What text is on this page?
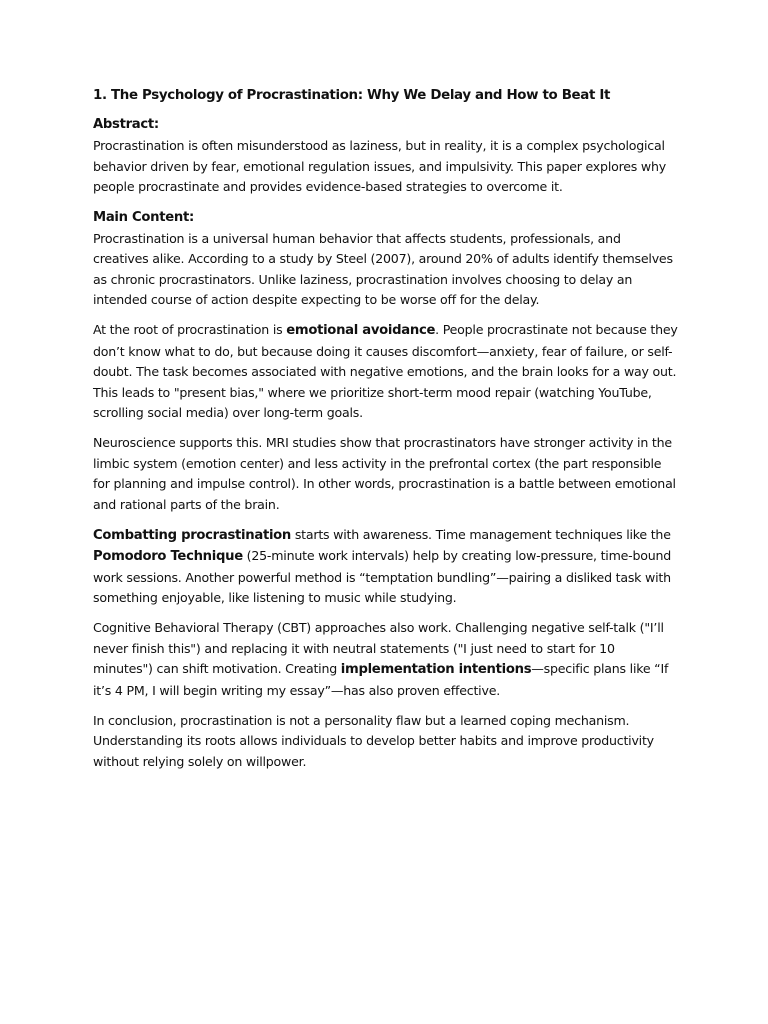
1. The Psychology of Procrastination: Why We Delay and How to Beat It
Abstract:
Procrastination is often misunderstood as laziness, but in reality, it is a complex psychological behavior driven by fear, emotional regulation issues, and impulsivity. This paper explores why people procrastinate and provides evidence-based strategies to overcome it.
Main Content:
Procrastination is a universal human behavior that affects students, professionals, and creatives alike. According to a study by Steel (2007), around 20% of adults identify themselves as chronic procrastinators. Unlike laziness, procrastination involves choosing to delay an intended course of action despite expecting to be worse off for the delay.
At the root of procrastination is emotional avoidance. People procrastinate not because they don’t know what to do, but because doing it causes discomfort—anxiety, fear of failure, or self-doubt. The task becomes associated with negative emotions, and the brain looks for a way out. This leads to "present bias," where we prioritize short-term mood repair (watching YouTube, scrolling social media) over long-term goals.
Neuroscience supports this. MRI studies show that procrastinators have stronger activity in the limbic system (emotion center) and less activity in the prefrontal cortex (the part responsible for planning and impulse control). In other words, procrastination is a battle between emotional and rational parts of the brain.
Combatting procrastination starts with awareness. Time management techniques like the Pomodoro Technique (25-minute work intervals) help by creating low-pressure, time-bound work sessions. Another powerful method is “temptation bundling”—pairing a disliked task with something enjoyable, like listening to music while studying.
Cognitive Behavioral Therapy (CBT) approaches also work. Challenging negative self-talk ("I’ll never finish this") and replacing it with neutral statements ("I just need to start for 10 minutes") can shift motivation. Creating implementation intentions—specific plans like “If it’s 4 PM, I will begin writing my essay”—has also proven effective.
In conclusion, procrastination is not a personality flaw but a learned coping mechanism. Understanding its roots allows individuals to develop better habits and improve productivity without relying solely on willpower.
